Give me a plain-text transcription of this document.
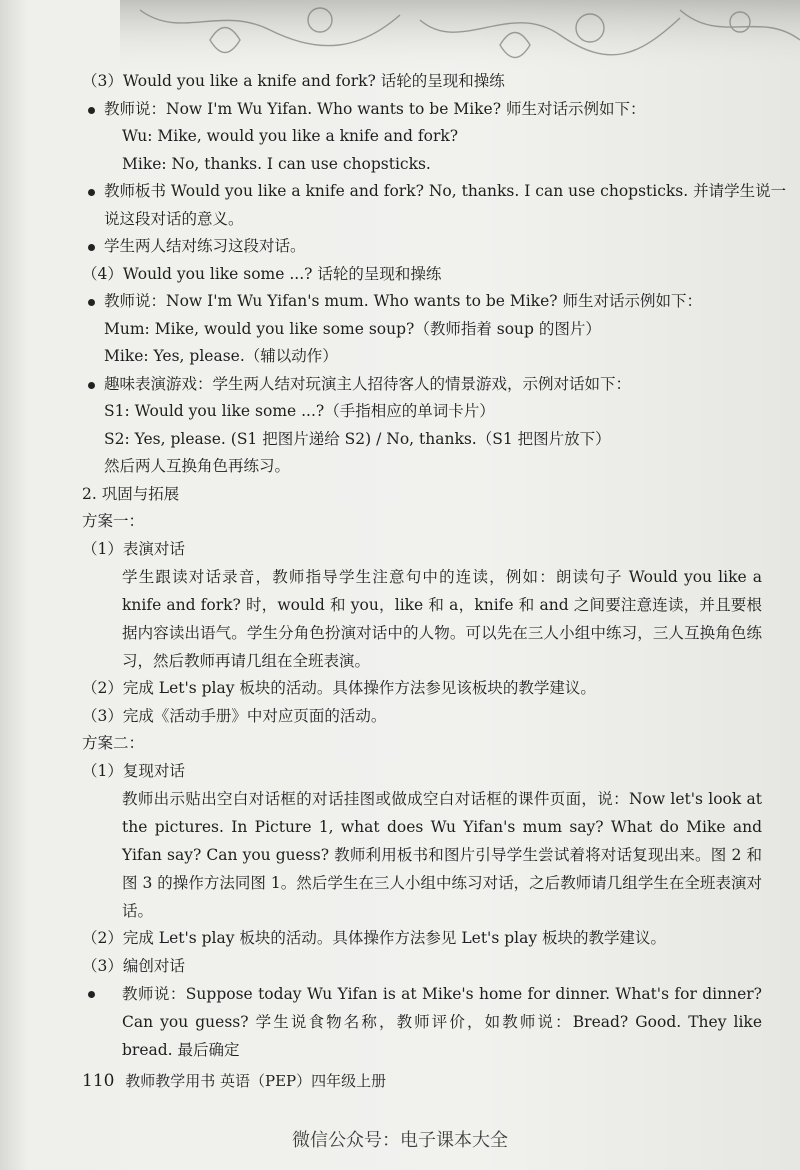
（3）Would you like a knife and fork? 话轮的呈现和操练
教师说：Now I'm Wu Yifan. Who wants to be Mike? 师生对话示例如下：
Wu: Mike, would you like a knife and fork?
Mike: No, thanks. I can use chopsticks.
教师板书 Would you like a knife and fork? No, thanks. I can use chopsticks. 并请学生说一
说这段对话的意义。
学生两人结对练习这段对话。
（4）Would you like some ...? 话轮的呈现和操练
教师说：Now I'm Wu Yifan's mum. Who wants to be Mike? 师生对话示例如下：
Mum: Mike, would you like some soup?（教师指着 soup 的图片）
Mike: Yes, please.（辅以动作）
趣味表演游戏：学生两人结对玩演主人招待客人的情景游戏，示例对话如下：
S1: Would you like some ...?（手指相应的单词卡片）
S2: Yes, please. (S1 把图片递给 S2) / No, thanks.（S1 把图片放下）
然后两人互换角色再练习。
2. 巩固与拓展
方案一：
（1）表演对话
学生跟读对话录音，教师指导学生注意句中的连读，例如：朗读句子 Would you like a knife and fork? 时，would 和 you，like 和 a，knife 和 and 之间要注意连读，并且要根据内容读出语气。学生分角色扮演对话中的人物。可以先在三人小组中练习，三人互换角色练习，然后教师再请几组在全班表演。
（2）完成 Let's play 板块的活动。具体操作方法参见该板块的教学建议。
（3）完成《活动手册》中对应页面的活动。
方案二：
（1）复现对话
教师出示贴出空白对话框的对话挂图或做成空白对话框的课件页面，说：Now let's look at the pictures. In Picture 1, what does Wu Yifan's mum say? What do Mike and Yifan say? Can you guess? 教师利用板书和图片引导学生尝试着将对话复现出来。图 2 和图 3 的操作方法同图 1。然后学生在三人小组中练习对话，之后教师请几组学生在全班表演对话。
（2）完成 Let's play 板块的活动。具体操作方法参见 Let's play 板块的教学建议。
（3）编创对话
教师说：Suppose today Wu Yifan is at Mike's home for dinner. What's for dinner? Can you guess? 学生说食物名称，教师评价，如教师说：Bread? Good. They like bread. 最后确定
110 教师教学用书 英语（PEP）四年级上册
微信公众号：电子课本大全
